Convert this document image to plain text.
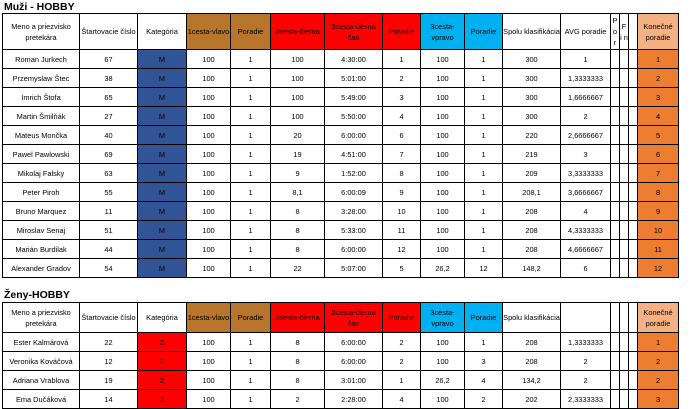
Muži - HOBBY
Meno a priezvisko pretekára	Štartovacie číslo	Kategória	1cesta-vlavo	Poradie	2cesta-čierna	2cesta-čierna čas	Poradie	3cesta-vpravo	Poradie	Spolu klasifikácia	AVG poradie	P o r	F i n		Konečné poradie
Roman Jurkech	67	M	100	1	100	4:30:00	1	100	1	300	1				1
Przemyslaw Štec	38	M	100	1	100	5:01:00	2	100	1	300	1,3333333				2
Imrich Štofa	65	M	100	1	100	5:49:00	3	100	1	300	1,6666667				3
Martin Šmilňák	27	M	100	1	100	5:50:00	4	100	1	300	2				4
Mateus Mončka	40	M	100	1	20	6:00:00	6	100	1	220	2,6666667				5
Pawel Pawlowski	69	M	100	1	19	4:51:00	7	100	1	219	3				6
Mikolaj Falsky	63	M	100	1	9	1:52:00	8	100	1	209	3,3333333				7
Peter Piroh	55	M	100	1	8,1	6:00:09	9	100	1	208,1	3,6666667				8
Bruno Marquez	11	M	100	1	8	3:28:00	10	100	1	208	4				9
Miroslav Senaj	51	M	100	1	8	5:33:00	11	100	1	208	4,3333333				10
Marián Burdilak	44	M	100	1	8	6:00:00	12	100	1	208	4,6666667				11
Alexander Gradov	54	M	100	1	22	5:07:00	5	26,2	12	148,2	6				12
Ženy-HOBBY
Meno a priezvisko pretekára	Štartovacie číslo	Kategória	1cesta-vlavo	Poradie	2cesta-čierna	2cesta-čierna čas	Poradie	3cesta-vpravo	Poradie	Spolu klasifikácia					Konečné poradie
Ester Kalmárová	22	Z	100	1	8	6:00:00	2	100	1	208	1,3333333				1
Veronika Kováčová	12	Z	100	1	8	6:00:00	2	100	3	208	2				2
Adriana Vrablova	19	Z	100	1	8	3:01:00	1	26,2	4	134,2	2				2
Ema Dučáková	14	Z	100	1	2	2:28:00	4	100	2	202	2,3333333				3
